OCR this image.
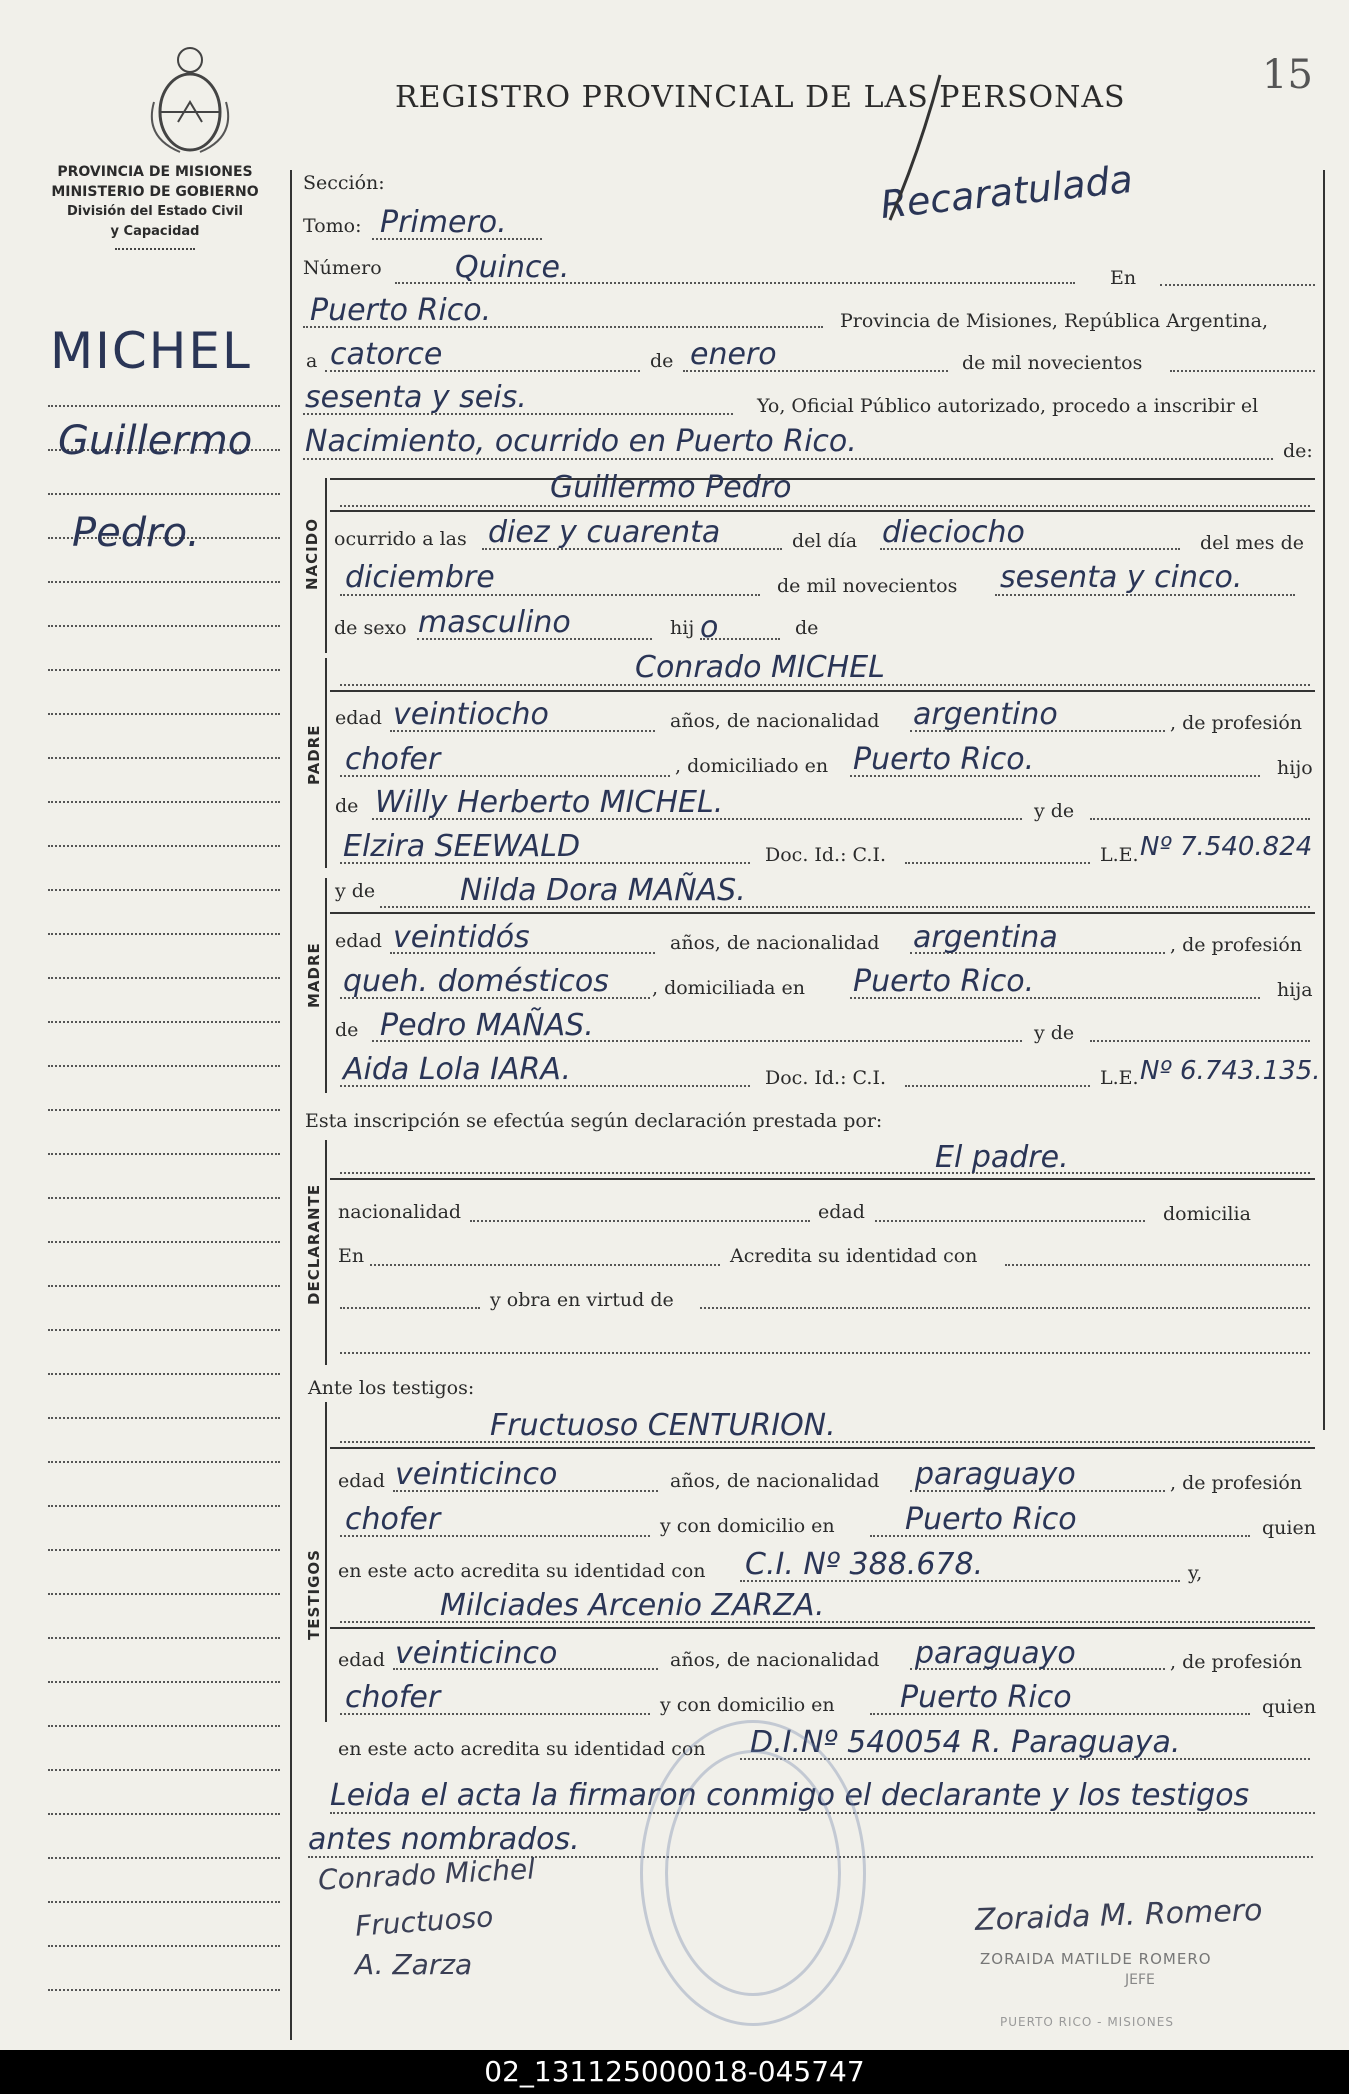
REGISTRO PROVINCIAL DE LAS PERSONAS	15
Recaratulada
PROVINCIA DE MISIONES
MINISTERIO DE GOBIERNO
División del Estado Civil
y Capacidad
MICHEL
Guillermo
Pedro.
Sección:
Tomo: Primero.
Número Quince.	En
Puerto Rico.	Provincia de Misiones, República Argentina,
a catorce	de enero	de mil novecientos
sesenta y seis.	Yo, Oficial Público autorizado, procedo a inscribir el
Nacimiento, ocurrido en Puerto Rico.	de:
NACIDO
Guillermo Pedro
ocurrido a las diez y cuarenta	del día dieciocho	del mes de
diciembre	de mil novecientos sesenta y cinco.
de sexo masculino	hij o	de
PADRE
Conrado MICHEL
edad veintiocho	años, de nacionalidad argentino	, de profesión
chofer	, domiciliado en Puerto Rico.	hijo
de Willy Herberto MICHEL.	y de
Elzira SEEWALD	Doc. Id.: C.I.	L.E. Nº 7.540.824
MADRE
y de	Nilda Dora MAÑAS.
edad veintidós	años, de nacionalidad argentina	, de profesión
queh. domésticos , domiciliada en Puerto Rico.	hija
de Pedro MAÑAS.	y de
Aida Lola IARA.	Doc. Id.: C.I.	L.E. Nº 6.743.135.
Esta inscripción se efectúa según declaración prestada por:
DECLARANTE
El padre.
nacionalidad	edad	domicilia
En	Acredita su identidad con
y obra en virtud de
Ante los testigos:
TESTIGOS
Fructuoso CENTURION.
edad veinticinco	años, de nacionalidad paraguayo	, de profesión
chofer	y con domicilio en Puerto Rico	quien
en este acto acredita su identidad con C.I. Nº 388.678.	y,
Milciades Arcenio ZARZA.
edad veinticinco	años, de nacionalidad paraguayo	, de profesión
chofer	y con domicilio en Puerto Rico	quien
en este acto acredita su identidad con D.I.Nº 540054 R. Paraguaya.
Leida el acta la firmaron conmigo el declarante y los testigos
antes nombrados.
Conrado Michel
Fructuoso
A. Zarza
Zoraida M. Romero
ZORAIDA MATILDE ROMERO
JEFE
PUERTO RICO - MISIONES
02_131125000018-045747
